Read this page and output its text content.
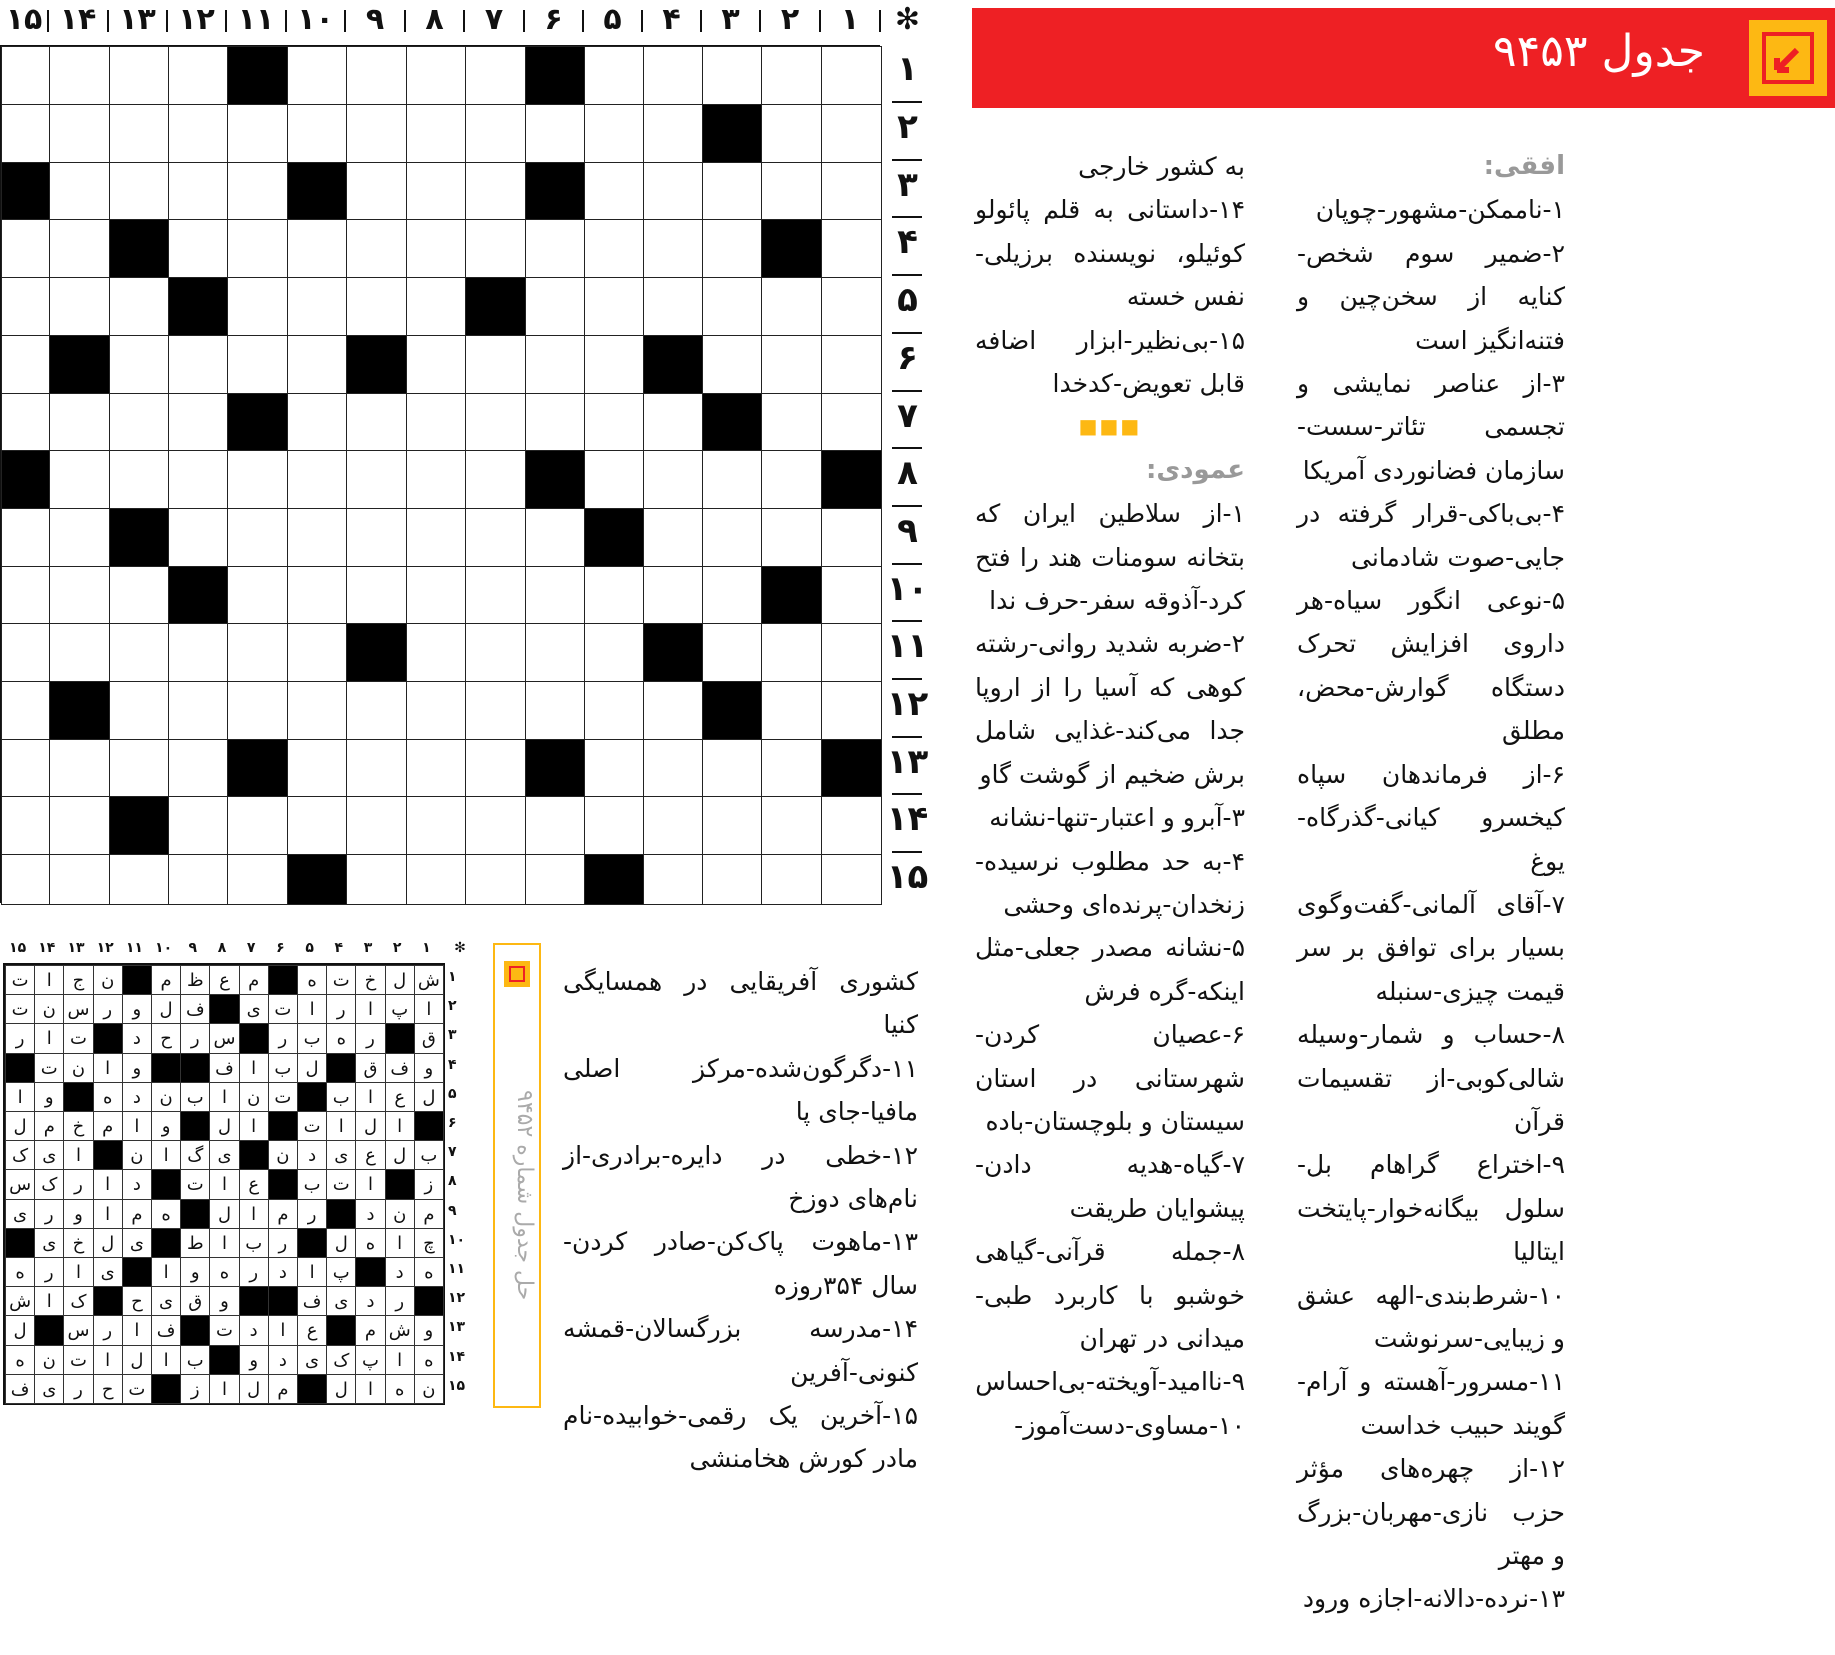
جدول ۹۴۵۳
۱
۲
۳
۴
۵
۶
۷
۸
۹
۱۰
۱۱
۱۲
۱۳
۱۴
۱۵	✻
۱
۲
۳
۴
۵
۶
۷
۸
۹
۱۰
۱۱
۱۲
۱۳
۱۴
۱۵

افقی:

۱-ناممکن-مشهور-چوپان

۲-ضمیر سوم شخص-کنایه از سخن‌چین و فتنه‌انگیز است

۳-از عناصر نمایشی و تجسمی تئاتر-سست-سازمان فضانوردی آمریکا

۴-بی‌باکی-قرار گرفته در جایی-صوت شادمانی

۵-نوعی انگور سیاه-هر داروی افزایش تحرک دستگاه گوارش-محض، مطلق

۶-از فرماندهان سپاه کیخسرو کیانی-گذرگاه-یوغ

۷-آقای آلمانی-گفت‌وگوی بسیار برای توافق بر سر قیمت چیزی-سنبله

۸-حساب و شمار-وسیله شالی‌کوبی-از تقسیمات قرآن

۹-اختراع گراهام بل-سلول بیگانه‌خوار-پایتخت ایتالیا

۱۰-شرط‌بندی-الهه عشق و زیبایی-سرنوشت

۱۱-مسرور-آهسته و آرام-گویند حبیب خداست

۱۲-از چهره‌های مؤثر حزب نازی-مهربان-بزرگ و مهتر

۱۳-نرده-دالانه-اجازه ورود

به کشور خارجی

۱۴-داستانی به قلم پائولو کوئیلو، نویسنده برزیلی-نفس خسته

۱۵-بی‌نظیر-ابزار اضافه قابل تعویض-کدخدا

■■■

عمودی:

۱-از سلاطین ایران که بتخانه سومنات هند را فتح کرد-آذوقه سفر-حرف ندا

۲-ضربه شدید روانی-رشته کوهی که آسیا را از اروپا جدا می‌کند-غذایی شامل برش ضخیم از گوشت گاو

۳-آبرو و اعتبار-تنها-نشانه

۴-به حد مطلوب نرسیده-زنخدان-پرنده‌ای وحشی

۵-نشانه مصدر جعلی-مثل اینکه-گره فرش

۶-عصیان کردن-شهرستانی در استان سیستان و بلوچستان-باده

۷-گیاه-هدیه دادن-پیشوایان طریقت

۸-جمله قرآنی-گیاهی خوشبو با کاربرد طبی-میدانی در تهران

۹-ناامید-آویخته-بی‌احساس

۱۰-مساوی-دست‌آموز-

کشوری آفریقایی در همسایگی کنیا

۱۱-دگرگون‌شده-مرکز اصلی مافیا-جای پا

۱۲-خطی در دایره-برادری-از نام‌های دوزخ

۱۳-ماهوت پاک‌کن-صادر کردن-سال ۳۵۴روزه

۱۴-مدرسه بزرگسالان-قمشه کنونی-آفرین

۱۵-آخرین یک رقمی-خوابیده-نام مادر کورش هخامنشی

۱
۲
۳
۴
۵
۶
۷
۸
۹
۱۰
۱۱
۱۲
۱۳
۱۴
۱۵	✻
۱
۲
۳
۴
۵
۶
۷
۸
۹
۱۰
۱۱
۱۲
۱۳
۱۴
۱۵
ش
ل
خ
ت
ه
م
ع
ظ
م
ن
ج
ا
ت
ا
پ
ا
ر
ا
ت
ی
ف
ل
و
ر
س
ن
ت
ق
ر
ه
ب
ر
س
ر
ح
د
ت
ا
ر
و
ف
ق
ل
ب
ا
ف
و
ا
ن
ت
ل
ع
ا
ب
ت
ن
ا
ب
ن
د
ه
و
ا
ا
ل
ا
ت
ا
ل
و
ا
م
خ
م
ل
ب
ل
ع
ی
د
ن
ی
گ
ا
ن
ا
ی
ک
ز
ا
ت
ب
ع
ا
ت
د
ا
ر
ک
س
م
ن
د
ر
م
ا
ل
ه
م
ا
و
ر
ی
چ
ا
ه
ل
ر
ب
ا
ط
ی
ل
خ
ی
ه
د
پ
ا
د
ر
ه
و
ا
ی
ا
ر
ه
ر
د
ی
ف
و
ق
ی
ح
ک
ا
ش
و
ش
م
ع
ا
د
ت
ف
ا
ر
س
ل
ه
ا
پ
ک
ی
د
و
ب
ا
ل
ا
ت
ن
ه
ن
ه
ا
ل
م
ل
ا
ز
ت
ح
ر
ی
ف
حل جدول شماره ۹۴۵۲
